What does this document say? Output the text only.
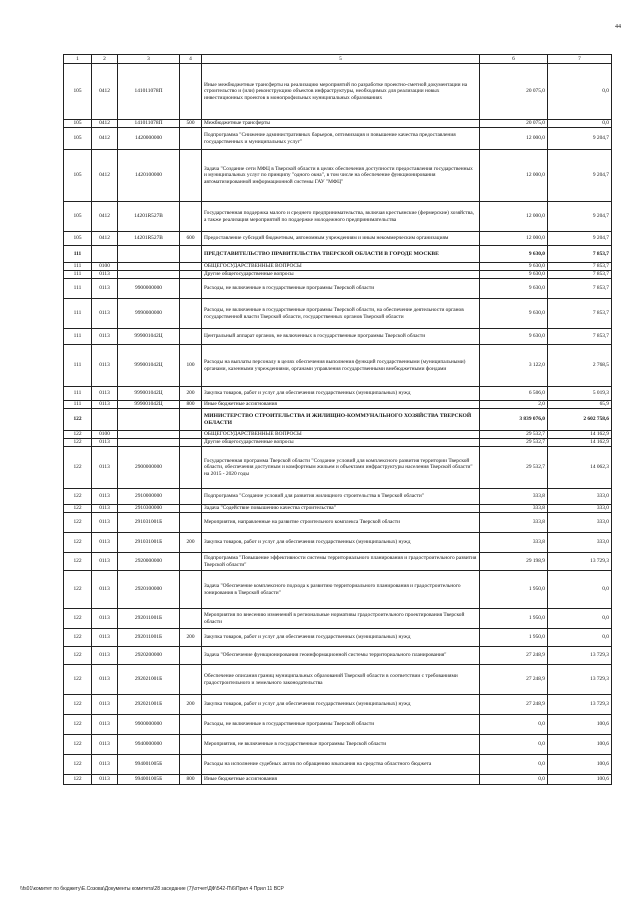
44
1	2	3	4	5	6	7
105	0412	141011078П		Иные межбюджетные трансферты на реализацию мероприятий по разработке проектно-сметной документации на строительство и (или) реконструкцию объектов инфраструктуры, необходимых для реализации новых инвестиционных проектов в монопрофильных муниципальных образованиях	20 075,0	0,0
105	0412	141011078П	500	Межбюджетные трансферты	20 075,0	0,0
105	0412	1420000000		Подпрограмма "Снижение административных барьеров, оптимизация и повышение качества предоставления государственных и муниципальных услуг"	12 000,0	9 204,7
105	0412	1420100000		Задача "Создание сети МФЦ в Тверской области в целях обеспечения доступности предоставления государственных и муниципальных услуг по принципу "одного окна", в том числе на обеспечение функционирования автоматизированной информационной системы ГАУ "МФЦ"	12 000,0	9 204,7
105	0412	14201R527В		Государственная поддержка малого и среднего предпринимательства, включая крестьянские (фермерские) хозяйства, а также реализация мероприятий по поддержке молодежного предпринимательства	12 000,0	9 204,7
105	0412	14201R527В	600	Предоставление субсидий бюджетным, автономным учреждениям и иным некоммерческим организациям	12 000,0	9 204,7
111				ПРЕДСТАВИТЕЛЬСТВО ПРАВИТЕЛЬСТВА ТВЕРСКОЙ ОБЛАСТИ В ГОРОДЕ МОСКВЕ	9 630,0	7 853,7
111	0100			ОБЩЕГОСУДАРСТВЕННЫЕ ВОПРОСЫ	9 630,0	7 853,7
111	0113			Другие общегосударственные вопросы	9 630,0	7 853,7
111	0113	9900000000		Расходы, не включенные в государственные программы Тверской области	9 630,0	7 853,7
111	0113	9990000000		Расходы, не включенные в государственные программы Тверской области, на обеспечение деятельности органов государственной власти Тверской области, государственных органов Тверской области	9 630,0	7 853,7
111	0113	999001042Ц		Центральный аппарат органов, не включенных в государственные программы Тверской области	9 630,0	7 853,7
111	0113	999001042Ц	100	Расходы на выплаты персоналу в целях обеспечения выполнения функций государственными (муниципальными) органами, казенными учреждениями, органами управления государственными внебюджетными фондами	3 122,0	2 768,5
111	0113	999001042Ц	200	Закупка товаров, работ и услуг для обеспечения государственных (муниципальных) нужд	6 506,0	5 019,3
111	0113	999001042Ц	800	Иные бюджетные ассигнования	2,0	65,9
122				МИНИСТЕРСТВО СТРОИТЕЛЬСТВА И ЖИЛИЩНО-КОММУНАЛЬНОГО ХОЗЯЙСТВА ТВЕРСКОЙ ОБЛАСТИ	3 839 076,0	2 602 758,6
122	0100			ОБЩЕГОСУДАРСТВЕННЫЕ ВОПРОСЫ	29 532,7	14 162,9
122	0113			Другие общегосударственные вопросы	29 532,7	14 162,9
122	0113	2900000000		Государственная программа Тверской области "Создание условий для комплексного развития территории Тверской области, обеспечения доступным и комфортным жильем и объектами инфраструктуры населения Тверской области" на 2015 - 2020 годы	29 532,7	14 062,3
122	0113	2910000000		Подпрограмма "Создание условий для развития жилищного строительства в Тверской области"	333,8	333,0
122	0113	2910300000		Задача "Содействие повышению качества строительства"	333,8	333,0
122	0113	291031001Б		Мероприятия, направленные на развитие строительного комплекса Тверской области	333,8	333,0
122	0113	291031001Б	200	Закупка товаров, работ и услуг для обеспечения государственных (муниципальных) нужд	333,8	333,0
122	0113	2920000000		Подпрограмма "Повышение эффективности системы территориального планирования и градостроительного развития Тверской области"	29 198,9	13 729,3
122	0113	2920100000		Задача "Обеспечение комплексного подхода к развитию территориального планирования и градостроительного зонирования в Тверской области"	1 950,0	0,0
122	0113	292011001Б		Мероприятия по внесению изменений в региональные нормативы градостроительного проектирования Тверской области	1 950,0	0,0
122	0113	292011001Б	200	Закупка товаров, работ и услуг для обеспечения государственных (муниципальных) нужд	1 950,0	0,0
122	0113	2920200000		Задача "Обеспечение функционирования геоинформационной системы территориального планирования"	27 248,9	13 729,3
122	0113	292021001Б		Обеспечение описания границ муниципальных образований Тверской области в соответствии с требованиями градостроительного и земельного законодательства	27 248,9	13 729,3
122	0113	292021001Б	200	Закупка товаров, работ и услуг для обеспечения государственных (муниципальных) нужд	27 248,9	13 729,3
122	0113	9900000000		Расходы, не включенные в государственные программы Тверской области	0,0	100,6
122	0113	9940000000		Мероприятия, не включенные в государственные программы Тверской области	0,0	100,6
122	0113	994001005Б		Расходы на исполнение судебных актов по обращению взыскания на средства областного бюджета	0,0	100,6
122	0113	994001005Б	800	Иные бюджетные ассигнования	0,0	100,6
\\fs01\комитет по бюджету\Е.Созова\Документы комитета\28 заседание (7)\отчет\ДФ\542-П\6\Прил 4 Прил 11 ВСР
